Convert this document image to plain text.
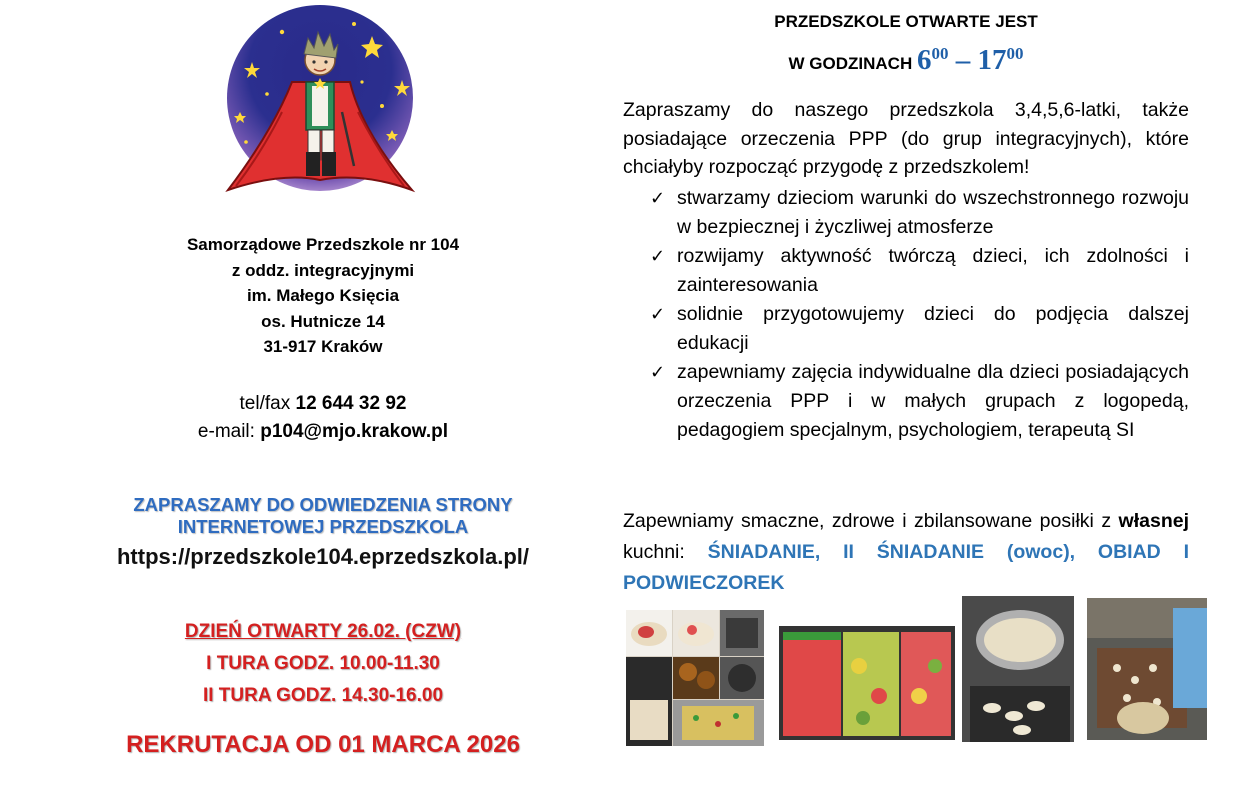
Samorządowe Przedszkole nr 104
z oddz. integracyjnymi
im. Małego Księcia
os. Hutnicze 14
31-917 Kraków
tel/fax 12 644 32 92
e-mail: p104@mjo.krakow.pl
ZAPRASZAMY DO ODWIEDZENIA STRONY
INTERNETOWEJ PRZEDSZKOLA
https://przedszkole104.eprzedszkola.pl/
DZIEŃ OTWARTY 26.02. (CZW)
I TURA GODZ. 10.00-11.30
II TURA GODZ. 14.30-16.00
REKRUTACJA OD 01 MARCA 2026
PRZEDSZKOLE OTWARTE JEST
W GODZINACH $6^{00} - 17^{00}$
Zapraszamy do naszego przedszkola 3,4,5,6-latki, także posiadające orzeczenia PPP (do grup integracyjnych), które chciałyby rozpocząć przygodę z przedszkolem!
✓ stwarzamy dzieciom warunki do wszechstronnego rozwoju w bezpiecznej i życzliwej atmosferze
✓ rozwijamy aktywność twórczą dzieci, ich zdolności i zainteresowania
✓ solidnie przygotowujemy dzieci do podjęcia dalszej edukacji
✓ zapewniamy zajęcia indywidualne dla dzieci posiadających orzeczenia PPP i w małych grupach z logopedą, pedagogiem specjalnym, psychologiem, terapeutą SI
Zapewniamy smaczne, zdrowe i zbilansowane posiłki z własnej kuchni: ŚNIADANIE, II ŚNIADANIE (owoc), OBIAD I PODWIECZOREK
